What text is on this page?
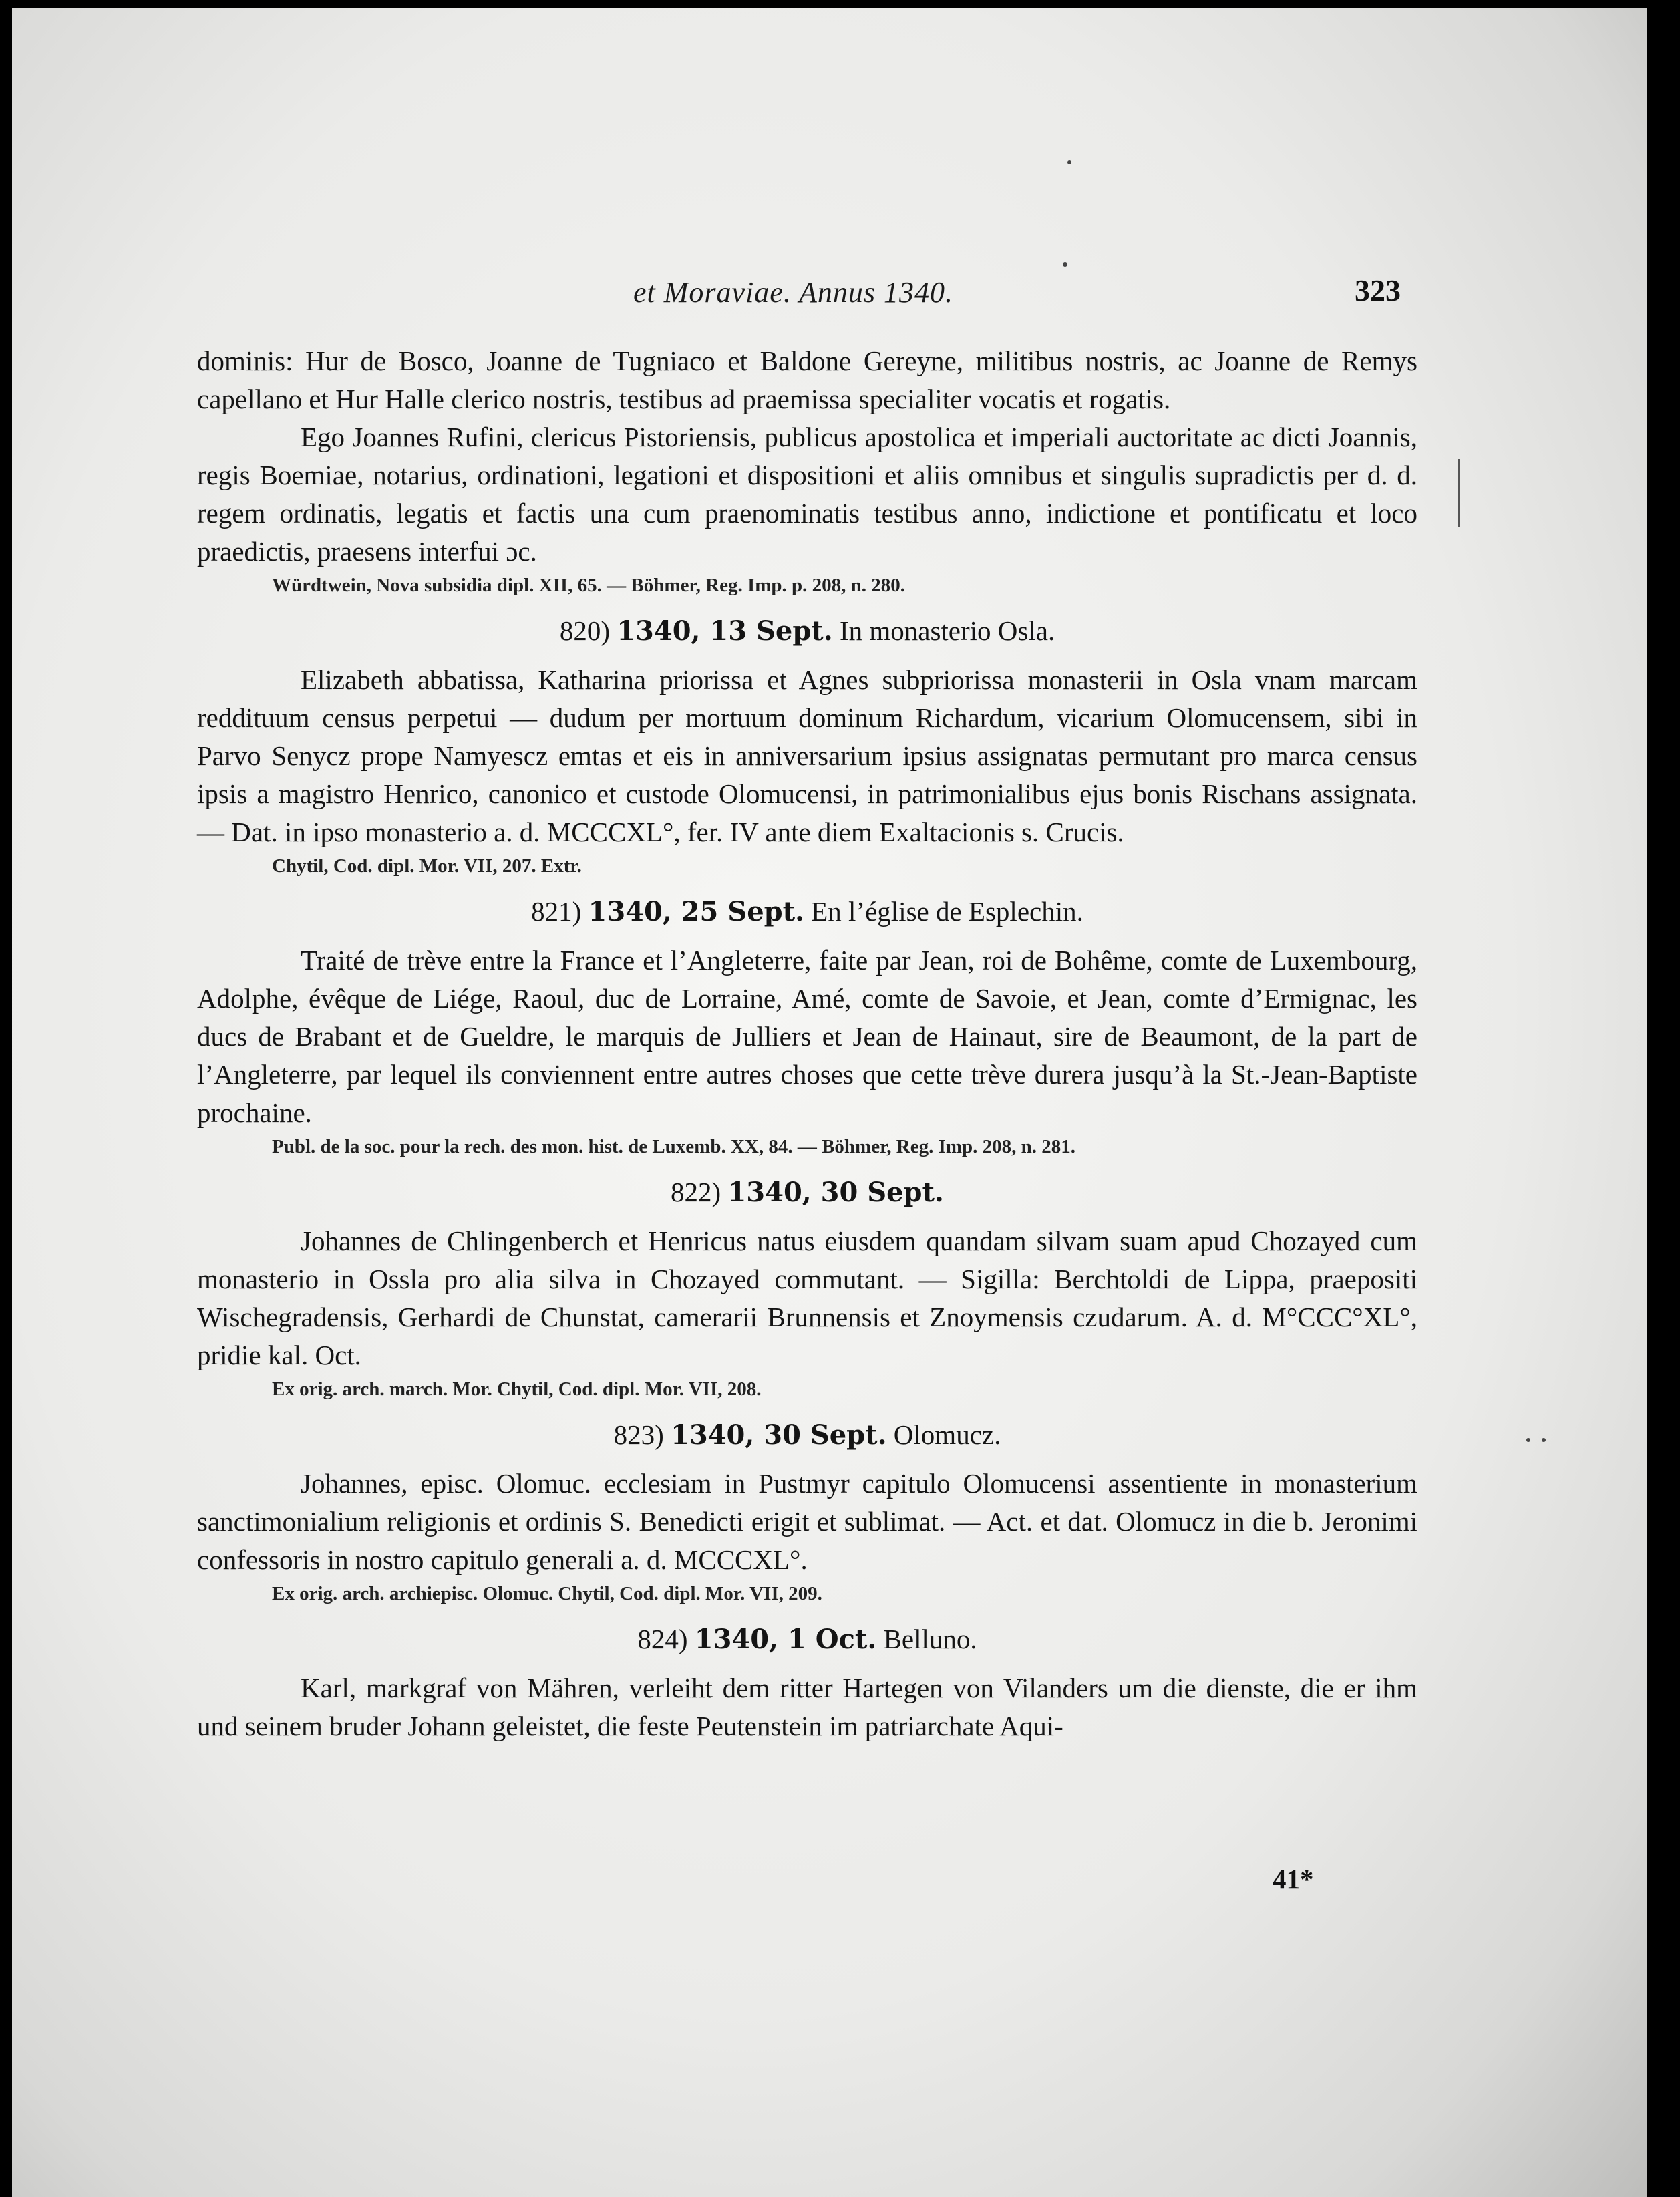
et Moraviae. Annus 1340.	323

dominis: Hur de Bosco, Joanne de Tugniaco et Baldone Gereyne, militibus nostris, ac Joanne de Remys capellano et Hur Halle clerico nostris, testibus ad praemissa specialiter vocatis et rogatis.

Ego Joannes Rufini, clericus Pistoriensis, publicus apostolica et imperiali auctoritate ac dicti Joannis, regis Boemiae, notarius, ordinationi, legationi et dispositioni et aliis omnibus et singulis supradictis per d. d. regem ordinatis, legatis et factis una cum praenominatis testibus anno, indictione et pontificatu et loco praedictis, praesens interfui ɔc.

Würdtwein, Nova subsidia dipl. XII, 65. — Böhmer, Reg. Imp. p. 208, n. 280.
820) 1340, 13 Sept. In monasterio Osla.

Elizabeth abbatissa, Katharina priorissa et Agnes subpriorissa monasterii in Osla vnam marcam reddituum census perpetui — dudum per mortuum dominum Richardum, vicarium Olomucensem, sibi in Parvo Senycz prope Namyescz emtas et eis in anniversarium ipsius assignatas permutant pro marca census ipsis a magistro Henrico, canonico et custode Olomucensi, in patrimonialibus ejus bonis Rischans assignata. — Dat. in ipso monasterio a. d. MCCCXL°, fer. IV ante diem Exaltacionis s. Crucis.

Chytil, Cod. dipl. Mor. VII, 207. Extr.
821) 1340, 25 Sept. En l’église de Esplechin.

Traité de trève entre la France et l’Angleterre, faite par Jean, roi de Bohême, comte de Luxembourg, Adolphe, évêque de Liége, Raoul, duc de Lorraine, Amé, comte de Savoie, et Jean, comte d’Ermignac, les ducs de Brabant et de Gueldre, le marquis de Julliers et Jean de Hainaut, sire de Beaumont, de la part de l’Angleterre, par lequel ils conviennent entre autres choses que cette trève durera jusqu’à la St.-Jean-Baptiste prochaine.

Publ. de la soc. pour la rech. des mon. hist. de Luxemb. XX, 84. — Böhmer, Reg. Imp. 208, n. 281.
822) 1340, 30 Sept.

Johannes de Chlingenberch et Henricus natus eiusdem quandam silvam suam apud Chozayed cum monasterio in Ossla pro alia silva in Chozayed commutant. — Sigilla: Berchtoldi de Lippa, praepositi Wischegradensis, Gerhardi de Chunstat, camerarii Brunnensis et Znoymensis czudarum. A. d. M°CCC°XL°, pridie kal. Oct.

Ex orig. arch. march. Mor. Chytil, Cod. dipl. Mor. VII, 208.
823) 1340, 30 Sept. Olomucz.

Johannes, episc. Olomuc. ecclesiam in Pustmyr capitulo Olomucensi assentiente in monasterium sanctimonialium religionis et ordinis S. Benedicti erigit et sublimat. — Act. et dat. Olomucz in die b. Jeronimi confessoris in nostro capitulo generali a. d. MCCCXL°.

Ex orig. arch. archiepisc. Olomuc. Chytil, Cod. dipl. Mor. VII, 209.
824) 1340, 1 Oct. Belluno.

Karl, markgraf von Mähren, verleiht dem ritter Hartegen von Vilanders um die dienste, die er ihm und seinem bruder Johann geleistet, die feste Peutenstein im patriarchate Aqui-

41*
